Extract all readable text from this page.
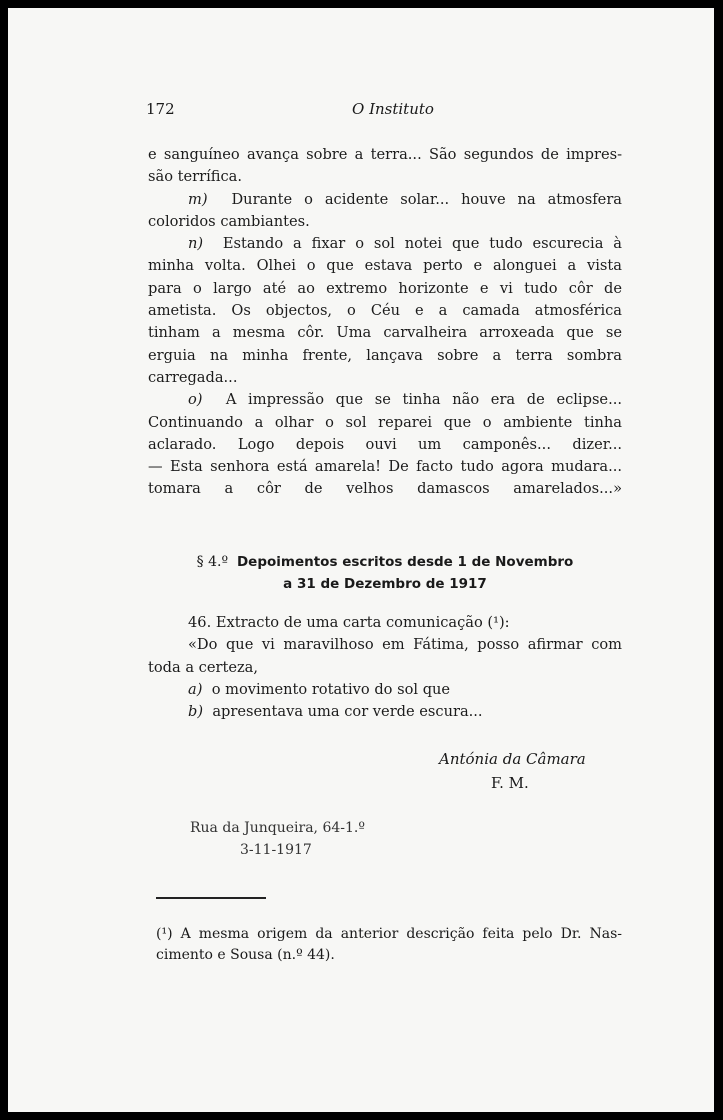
172	O Instituto
e sanguíneo avança sobre a terra... São segundos de impres-
são terrífica.
m) Durante o acidente solar... houve na atmosfera
coloridos cambiantes.
n) Estando a fixar o sol notei que tudo escurecia à
minha volta. Olhei o que estava perto e alonguei a vista
para o largo até ao extremo horizonte e vi tudo côr de
ametista. Os objectos, o Céu e a camada atmosférica
tinham a mesma côr. Uma carvalheira arroxeada que se
erguia na minha frente, lançava sobre a terra sombra
carregada...
o) A impressão que se tinha não era de eclipse...
Continuando a olhar o sol reparei que o ambiente tinha
aclarado. Logo depois ouvi um camponês... dizer...
— Esta senhora está amarela! De facto tudo agora mudara...
tomara a côr de velhos damascos amarelados...»
§ 4.º Depoimentos escritos desde 1 de Novembro
a 31 de Dezembro de 1917
46. Extracto de uma carta comunicação (¹):
«Do que vi maravilhoso em Fátima, posso afirmar com
toda a certeza,
a) o movimento rotativo do sol que
b) apresentava uma cor verde escura...
Antónia da Câmara
F. M.
Rua da Junqueira, 64-1.º
3-11-1917
(¹) A mesma origem da anterior descrição feita pelo Dr. Nas-
cimento e Sousa (n.º 44).
